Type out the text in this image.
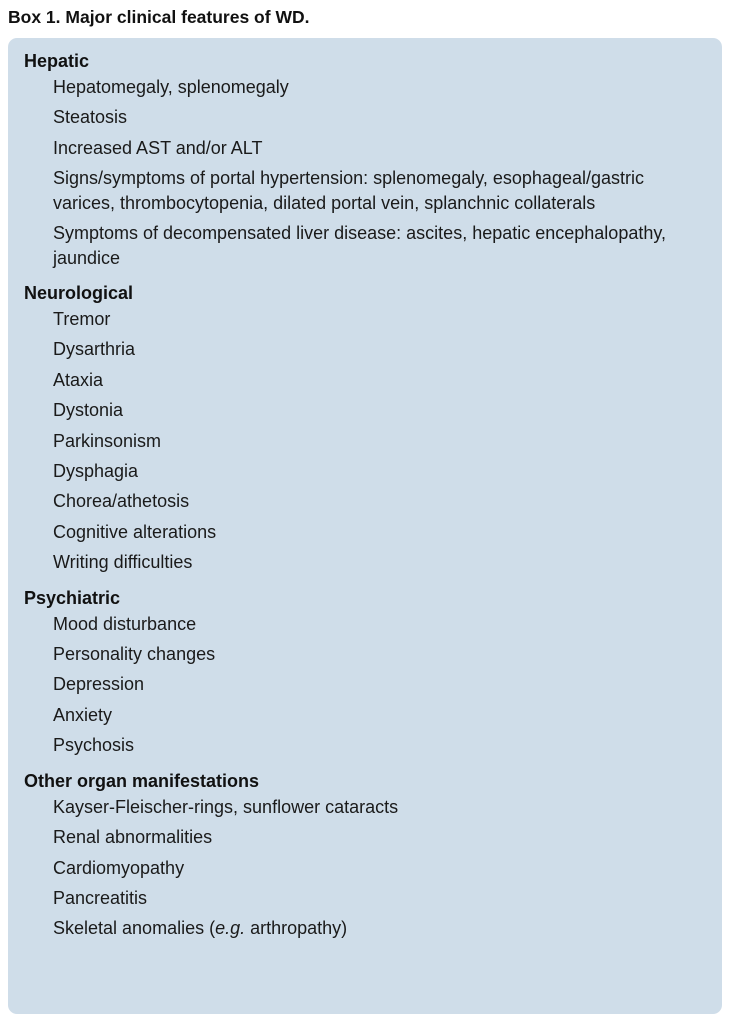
Box 1. Major clinical features of WD.
Hepatic
Hepatomegaly, splenomegaly
Steatosis
Increased AST and/or ALT
Signs/symptoms of portal hypertension: splenomegaly, esophageal/gastric varices, thrombocytopenia, dilated portal vein, splanchnic collaterals
Symptoms of decompensated liver disease: ascites, hepatic encephalopathy, jaundice
Neurological
Tremor
Dysarthria
Ataxia
Dystonia
Parkinsonism
Dysphagia
Chorea/athetosis
Cognitive alterations
Writing difficulties
Psychiatric
Mood disturbance
Personality changes
Depression
Anxiety
Psychosis
Other organ manifestations
Kayser-Fleischer-rings, sunflower cataracts
Renal abnormalities
Cardiomyopathy
Pancreatitis
Skeletal anomalies (e.g. arthropathy)
